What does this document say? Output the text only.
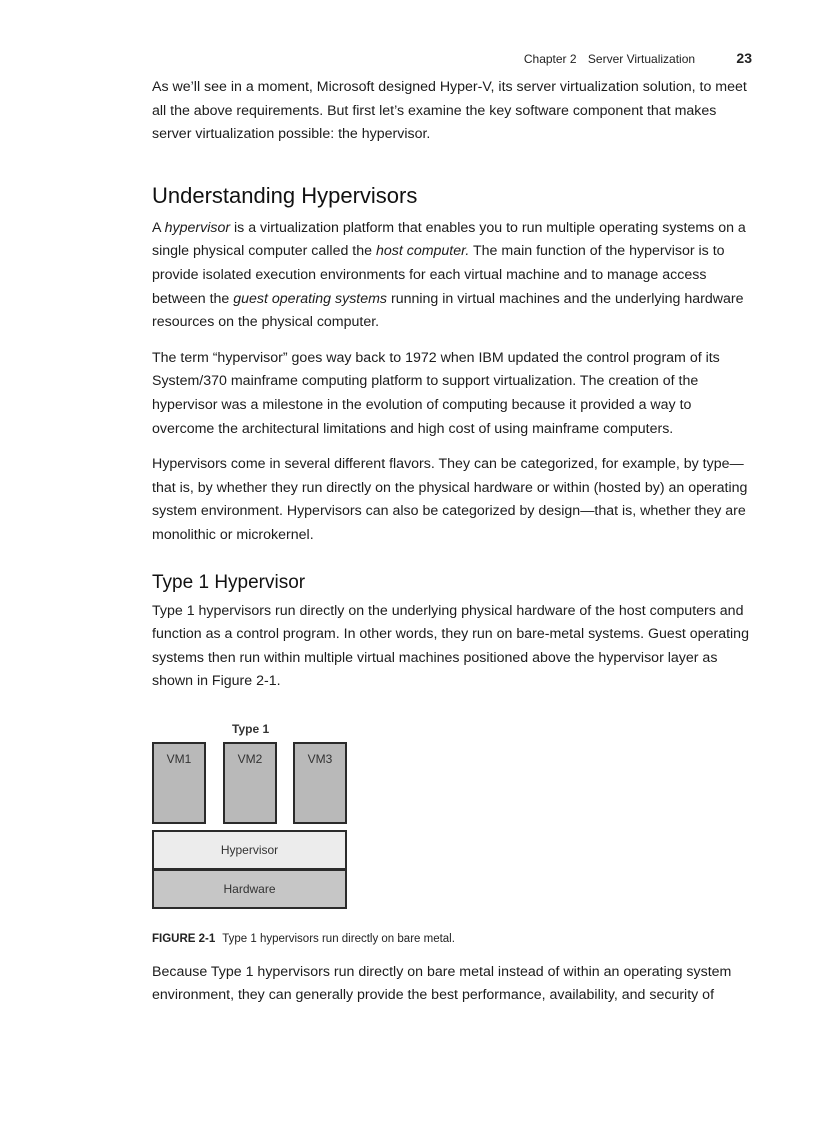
Chapter 2 Server Virtualization	23

As we’ll see in a moment, Microsoft designed Hyper-V, its server virtualization solution, to meet all the above requirements. But first let’s examine the key software component that makes server virtualization possible: the hypervisor.

Understanding Hypervisors

A hypervisor is a virtualization platform that enables you to run multiple operating systems on a single physical computer called the host computer. The main function of the hypervisor is to provide isolated execution environments for each virtual machine and to manage access between the guest operating systems running in virtual machines and the underlying hardware resources on the physical computer.

The term “hypervisor” goes way back to 1972 when IBM updated the control program of its System/370 mainframe computing platform to support virtualization. The creation of the hypervisor was a milestone in the evolution of computing because it provided a way to overcome the architectural limitations and high cost of using mainframe computers.

Hypervisors come in several different flavors. They can be categorized, for example, by type—that is, by whether they run directly on the physical hardware or within (hosted by) an operating system environment. Hypervisors can also be categorized by design—that is, whether they are monolithic or microkernel.

Type 1 Hypervisor

Type 1 hypervisors run directly on the underlying physical hardware of the host computers and function as a control program. In other words, they run on bare-metal systems. Guest operating systems then run within multiple virtual machines positioned above the hypervisor layer as shown in Figure 2-1.

Type 1
VM1	VM2	VM3
Hypervisor
Hardware
FIGURE 2-1 Type 1 hypervisors run directly on bare metal.

Because Type 1 hypervisors run directly on bare metal instead of within an operating system environment, they can generally provide the best performance, availability, and security of
